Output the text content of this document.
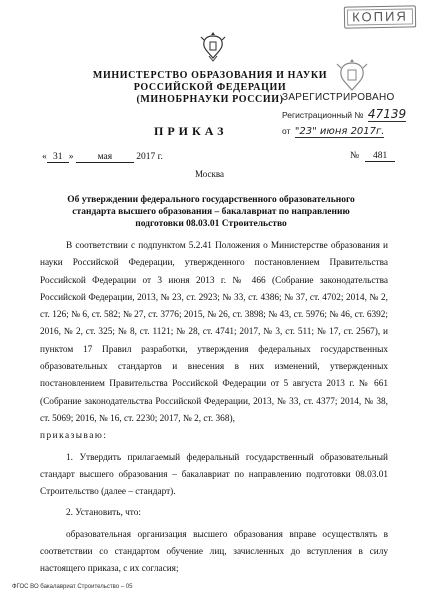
КОПИЯ
МИНИСТЕРСТВО ОБРАЗОВАНИЯ И НАУКИ
РОССИЙСКОЙ ФЕДЕРАЦИИ
(МИНОБРНАУКИ РОССИИ)
ЗАРЕГИСТРИРОВАНО
Регистрационный № 47139
от "23" июня 2017г.
ПРИКАЗ
« 31 » мая	2017 г.	№ 481
Москва
Об утверждении федерального государственного образовательного стандарта высшего образования – бакалавриат по направлению подготовки 08.03.01 Строительство

В соответствии с подпунктом 5.2.41 Положения о Министерстве образования и науки Российской Федерации, утвержденного постановлением Правительства Российской Федерации от 3 июня 2013 г. № 466 (Собрание законодательства Российской Федерации, 2013, № 23, ст. 2923; № 33, ст. 4386; № 37, ст. 4702; 2014, № 2, ст. 126; № 6, ст. 582; № 27, ст. 3776; 2015, № 26, ст. 3898; № 43, ст. 5976; № 46, ст. 6392; 2016, № 2, ст. 325; № 8, ст. 1121; № 28, ст. 4741; 2017, № 3, ст. 511; № 17, ст. 2567), и пунктом 17 Правил разработки, утверждения федеральных государственных образовательных стандартов и внесения в них изменений, утвержденных постановлением Правительства Российской Федерации от 5 августа 2013 г. № 661 (Собрание законодательства Российской Федерации, 2013, № 33, ст. 4377; 2014, № 38, ст. 5069; 2016, № 16, ст. 2230; 2017, № 2, ст. 368),

приказываю:

1. Утвердить прилагаемый федеральный государственный образовательный стандарт высшего образования – бакалавриат по направлению подготовки 08.03.01 Строительство (далее – стандарт).

2. Установить, что:

образовательная организация высшего образования вправе осуществлять в соответствии со стандартом обучение лиц, зачисленных до вступления в силу настоящего приказа, с их согласия;

ФГОС ВО бакалавриат Строительство – 05
